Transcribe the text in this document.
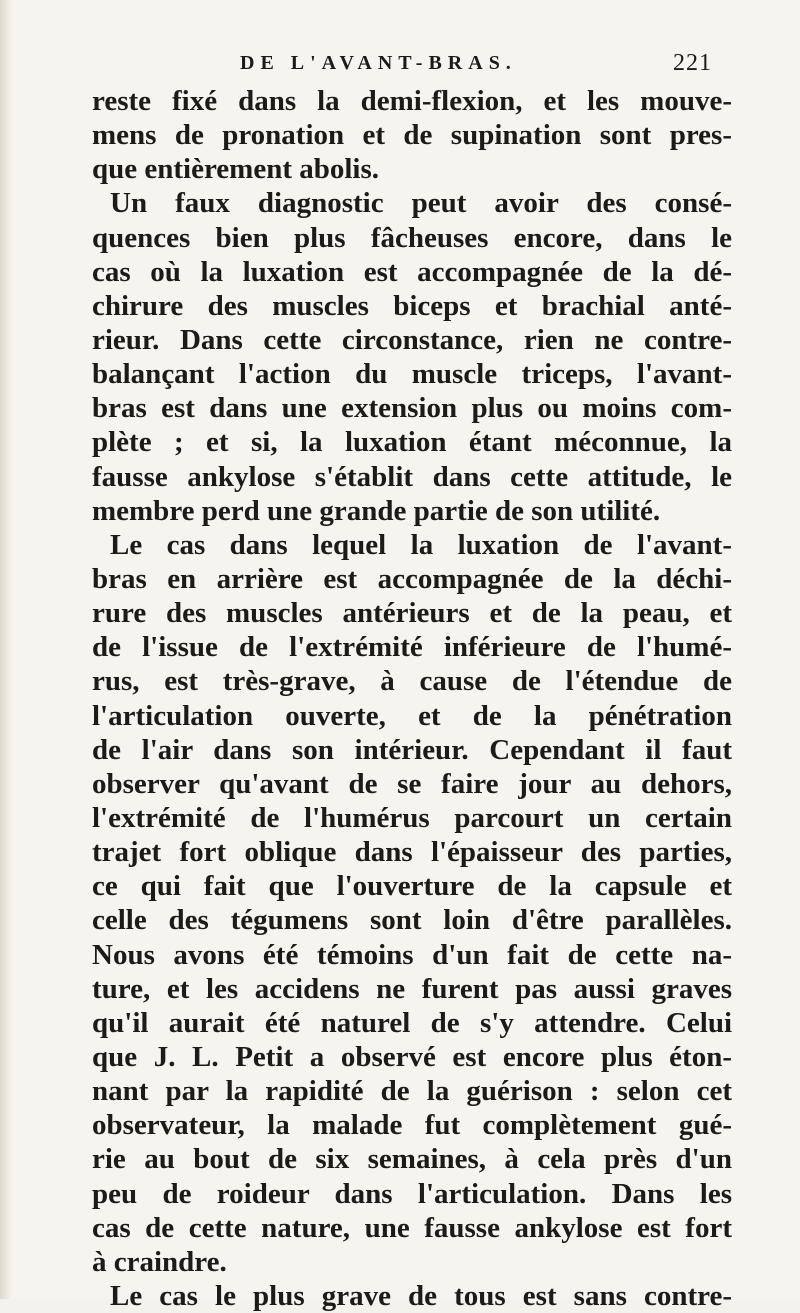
DE L'AVANT-BRAS.	221
reste fixé dans la demi-flexion, et les mouve-
mens de pronation et de supination sont pres-
que entièrement abolis.
Un faux diagnostic peut avoir des consé-
quences bien plus fâcheuses encore, dans le
cas où la luxation est accompagnée de la dé-
chirure des muscles biceps et brachial anté-
rieur. Dans cette circonstance, rien ne contre-
balançant l'action du muscle triceps, l'avant-
bras est dans une extension plus ou moins com-
plète ; et si, la luxation étant méconnue, la
fausse ankylose s'établit dans cette attitude, le
membre perd une grande partie de son utilité.
Le cas dans lequel la luxation de l'avant-
bras en arrière est accompagnée de la déchi-
rure des muscles antérieurs et de la peau, et
de l'issue de l'extrémité inférieure de l'humé-
rus, est très-grave, à cause de l'étendue de
l'articulation ouverte, et de la pénétration
de l'air dans son intérieur. Cependant il faut
observer qu'avant de se faire jour au dehors,
l'extrémité de l'humérus parcourt un certain
trajet fort oblique dans l'épaisseur des parties,
ce qui fait que l'ouverture de la capsule et
celle des tégumens sont loin d'être parallèles.
Nous avons été témoins d'un fait de cette na-
ture, et les accidens ne furent pas aussi graves
qu'il aurait été naturel de s'y attendre. Celui
que J. L. Petit a observé est encore plus éton-
nant par la rapidité de la guérison : selon cet
observateur, la malade fut complètement gué-
rie au bout de six semaines, à cela près d'un
peu de roideur dans l'articulation. Dans les
cas de cette nature, une fausse ankylose est fort
à craindre.
Le cas le plus grave de tous est sans contre-
